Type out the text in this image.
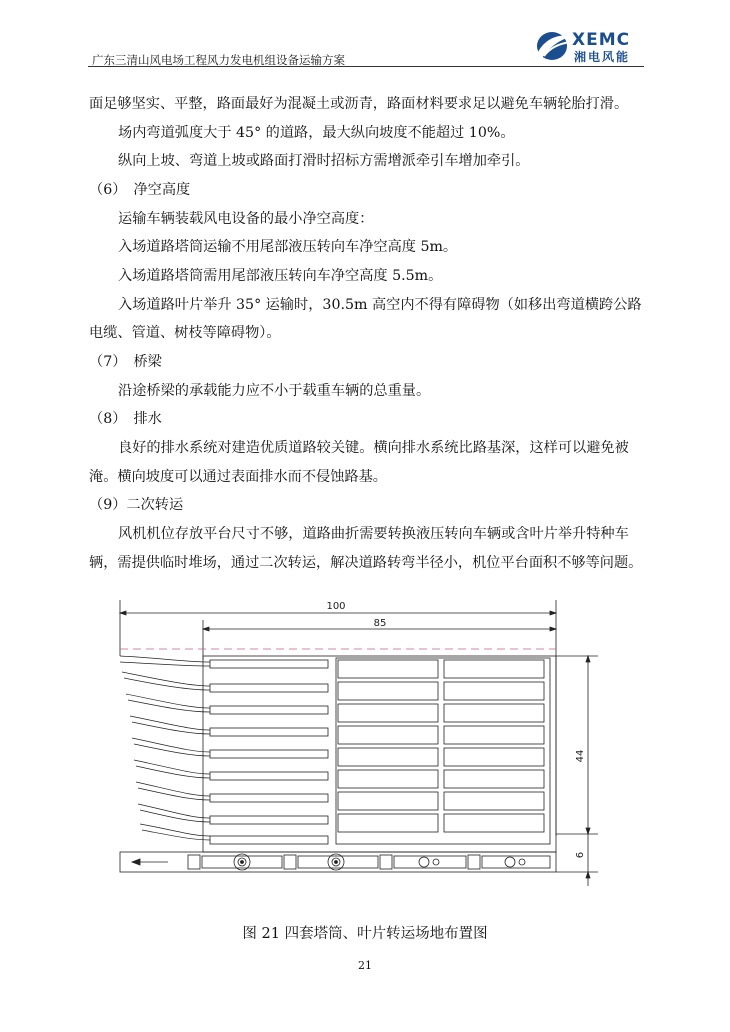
广东三清山风电场工程风力发电机组设备运输方案
XEMC
湘电风能
面足够坚实、平整，路面最好为混凝土或沥青，路面材料要求足以避免车辆轮胎打滑。
场内弯道弧度大于 45° 的道路，最大纵向坡度不能超过 10%。
纵向上坡、弯道上坡或路面打滑时招标方需增派牵引车增加牵引。
（6）　净空高度
运输车辆装载风电设备的最小净空高度：
入场道路塔筒运输不用尾部液压转向车净空高度 5m。
入场道路塔筒需用尾部液压转向车净空高度 5.5m。
入场道路叶片举升 35° 运输时，30.5m 高空内不得有障碍物（如移出弯道横跨公路
电缆、管道、树枝等障碍物）。
（7）　桥梁
沿途桥梁的承载能力应不小于载重车辆的总重量。
（8）　排水
良好的排水系统对建造优质道路较关键。横向排水系统比路基深，这样可以避免被
淹。横向坡度可以通过表面排水而不侵蚀路基。
（9）二次转运
风机机位存放平台尺寸不够，道路曲折需要转换液压转向车辆或含叶片举升特种车
辆，需提供临时堆场，通过二次转运，解决道路转弯半径小，机位平台面积不够等问题。
100
85
44
6
图 21 四套塔筒、叶片转运场地布置图
21
